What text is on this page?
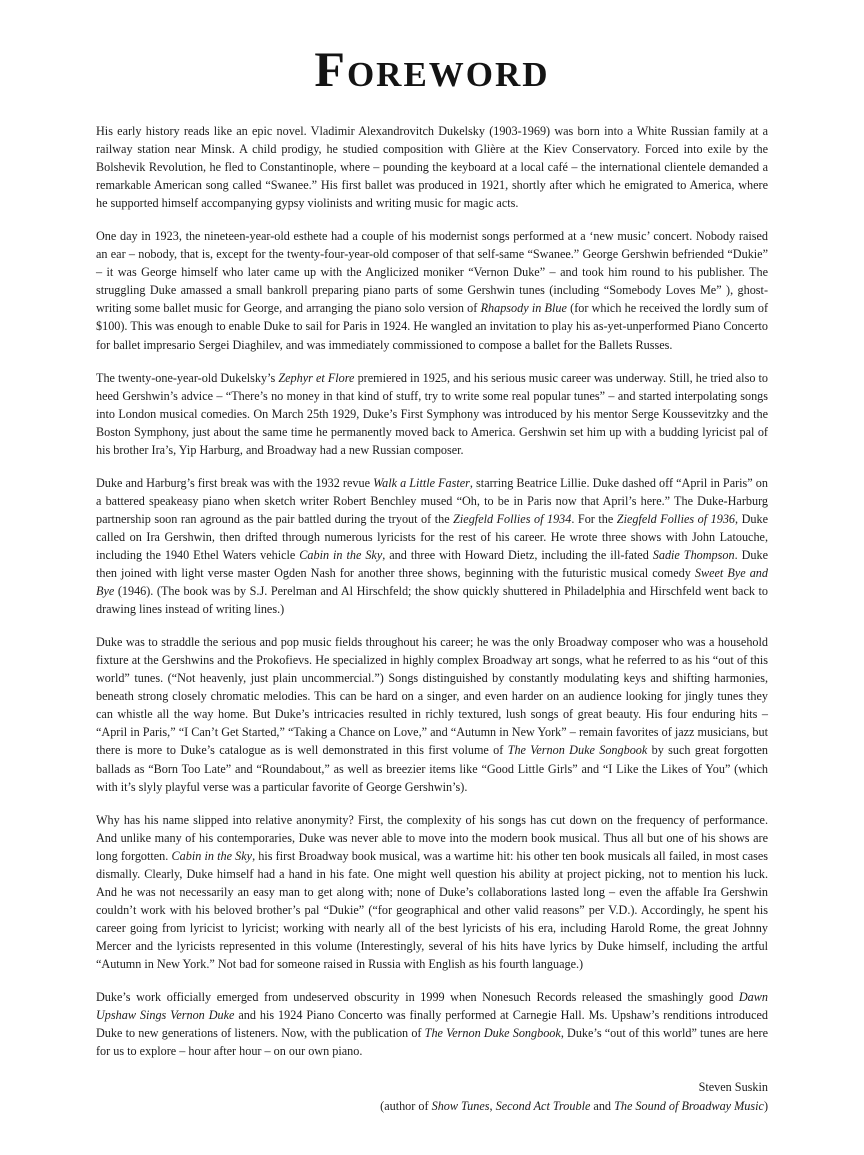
Foreword

His early history reads like an epic novel. Vladimir Alexandrovitch Dukelsky (1903-1969) was born into a White Russian family at a railway station near Minsk. A child prodigy, he studied composition with Glière at the Kiev Conservatory. Forced into exile by the Bolshevik Revolution, he fled to Constantinople, where – pounding the keyboard at a local café – the international clientele demanded a remarkable American song called “Swanee.” His first ballet was produced in 1921, shortly after which he emigrated to America, where he supported himself accompanying gypsy violinists and writing music for magic acts.

One day in 1923, the nineteen-year-old esthete had a couple of his modernist songs performed at a ‘new music’ concert. Nobody raised an ear – nobody, that is, except for the twenty-four-year-old composer of that self-same “Swanee.” George Gershwin befriended “Dukie” – it was George himself who later came up with the Anglicized moniker “Vernon Duke” – and took him round to his publisher. The struggling Duke amassed a small bankroll preparing piano parts of some Gershwin tunes (including “Somebody Loves Me” ), ghost-writing some ballet music for George, and arranging the piano solo version of Rhapsody in Blue (for which he received the lordly sum of $100). This was enough to enable Duke to sail for Paris in 1924. He wangled an invitation to play his as-yet-unperformed Piano Concerto for ballet impresario Sergei Diaghilev, and was immediately commissioned to compose a ballet for the Ballets Russes.

The twenty-one-year-old Dukelsky’s Zephyr et Flore premiered in 1925, and his serious music career was underway. Still, he tried also to heed Gershwin’s advice – “There’s no money in that kind of stuff, try to write some real popular tunes” – and started interpolating songs into London musical comedies. On March 25th 1929, Duke’s First Symphony was introduced by his mentor Serge Koussevitzky and the Boston Symphony, just about the same time he permanently moved back to America. Gershwin set him up with a budding lyricist pal of his brother Ira’s, Yip Harburg, and Broadway had a new Russian composer.

Duke and Harburg’s first break was with the 1932 revue Walk a Little Faster, starring Beatrice Lillie. Duke dashed off “April in Paris” on a battered speakeasy piano when sketch writer Robert Benchley mused “Oh, to be in Paris now that April’s here.” The Duke-Harburg partnership soon ran aground as the pair battled during the tryout of the Ziegfeld Follies of 1934. For the Ziegfeld Follies of 1936, Duke called on Ira Gershwin, then drifted through numerous lyricists for the rest of his career. He wrote three shows with John Latouche, including the 1940 Ethel Waters vehicle Cabin in the Sky, and three with Howard Dietz, including the ill-fated Sadie Thompson. Duke then joined with light verse master Ogden Nash for another three shows, beginning with the futuristic musical comedy Sweet Bye and Bye (1946). (The book was by S.J. Perelman and Al Hirschfeld; the show quickly shuttered in Philadelphia and Hirschfeld went back to drawing lines instead of writing lines.)

Duke was to straddle the serious and pop music fields throughout his career; he was the only Broadway composer who was a household fixture at the Gershwins and the Prokofievs. He specialized in highly complex Broadway art songs, what he referred to as his “out of this world” tunes. (“Not heavenly, just plain uncommercial.”) Songs distinguished by constantly modulating keys and shifting harmonies, beneath strong closely chromatic melodies. This can be hard on a singer, and even harder on an audience looking for jingly tunes they can whistle all the way home. But Duke’s intricacies resulted in richly textured, lush songs of great beauty. His four enduring hits – “April in Paris,” “I Can’t Get Started,” “Taking a Chance on Love,” and “Autumn in New York” – remain favorites of jazz musicians, but there is more to Duke’s catalogue as is well demonstrated in this first volume of The Vernon Duke Songbook by such great forgotten ballads as “Born Too Late” and “Roundabout,” as well as breezier items like “Good Little Girls” and “I Like the Likes of You” (which with it’s slyly playful verse was a particular favorite of George Gershwin’s).

Why has his name slipped into relative anonymity? First, the complexity of his songs has cut down on the frequency of performance. And unlike many of his contemporaries, Duke was never able to move into the modern book musical. Thus all but one of his shows are long forgotten. Cabin in the Sky, his first Broadway book musical, was a wartime hit: his other ten book musicals all failed, in most cases dismally. Clearly, Duke himself had a hand in his fate. One might well question his ability at project picking, not to mention his luck. And he was not necessarily an easy man to get along with; none of Duke’s collaborations lasted long – even the affable Ira Gershwin couldn’t work with his beloved brother’s pal “Dukie” (“for geographical and other valid reasons” per V.D.). Accordingly, he spent his career going from lyricist to lyricist; working with nearly all of the best lyricists of his era, including Harold Rome, the great Johnny Mercer and the lyricists represented in this volume (Interestingly, several of his hits have lyrics by Duke himself, including the artful “Autumn in New York.” Not bad for someone raised in Russia with English as his fourth language.)

Duke’s work officially emerged from undeserved obscurity in 1999 when Nonesuch Records released the smashingly good Dawn Upshaw Sings Vernon Duke and his 1924 Piano Concerto was finally performed at Carnegie Hall. Ms. Upshaw’s renditions introduced Duke to new generations of listeners. Now, with the publication of The Vernon Duke Songbook, Duke’s “out of this world” tunes are here for us to explore – hour after hour – on our own piano.

Steven Suskin

(author of Show Tunes, Second Act Trouble and The Sound of Broadway Music)
